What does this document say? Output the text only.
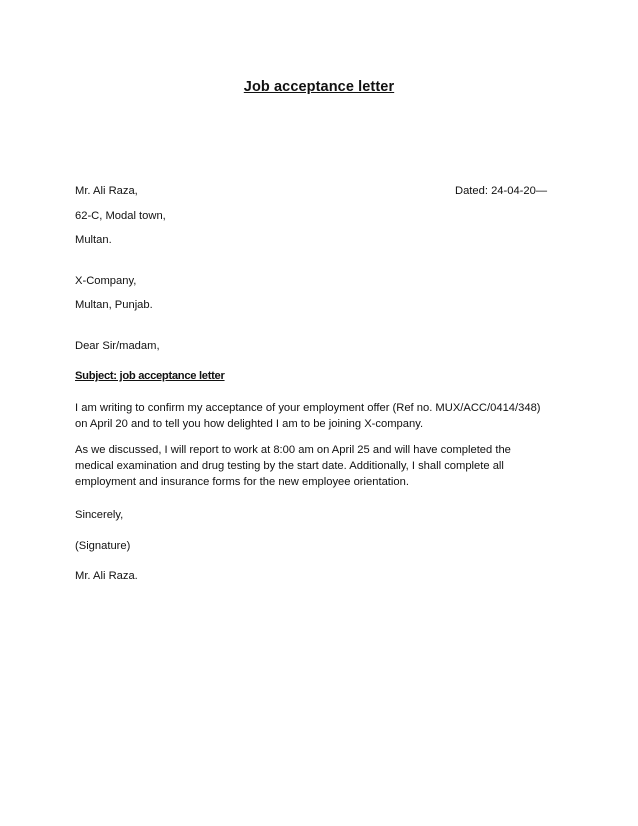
Job acceptance letter
Mr. Ali Raza,	Dated: 24-04-20—
62-C, Modal town,
Multan.
X-Company,
Multan, Punjab.
Dear Sir/madam,
Subject: job acceptance letter

I am writing to confirm my acceptance of your employment offer (Ref no. MUX/ACC/0414/348)

on April 20 and to tell you how delighted I am to be joining X-company.

As we discussed, I will report to work at 8:00 am on April 25 and will have completed the

medical examination and drug testing by the start date. Additionally, I shall complete all

employment and insurance forms for the new employee orientation.

Sincerely,
(Signature)
Mr. Ali Raza.
